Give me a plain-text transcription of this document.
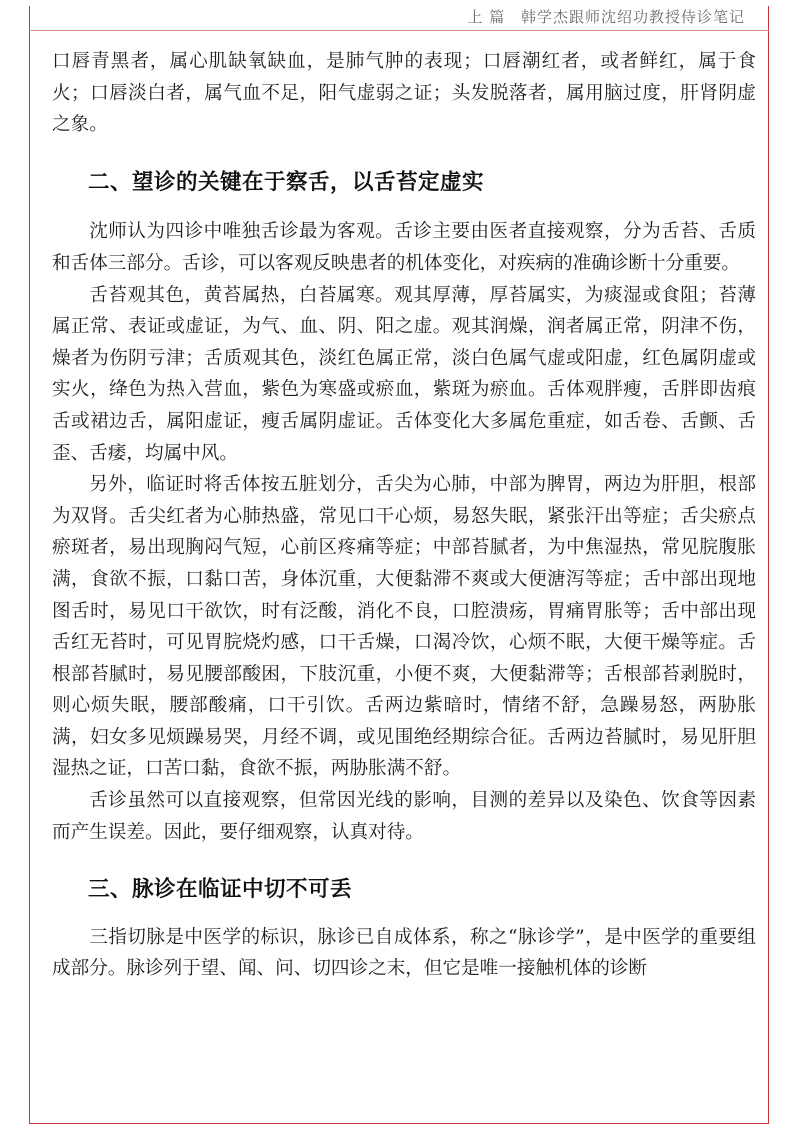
上 篇 韩学杰跟师沈绍功教授侍诊笔记

口唇青黑者，属心肌缺氧缺血，是肺气肿的表现；口唇潮红者，或者鲜红，属于食火；口唇淡白者，属气血不足，阳气虚弱之证；头发脱落者，属用脑过度，肝肾阴虚之象。

二、望诊的关键在于察舌，以舌苔定虚实

沈师认为四诊中唯独舌诊最为客观。舌诊主要由医者直接观察，分为舌苔、舌质和舌体三部分。舌诊，可以客观反映患者的机体变化，对疾病的准确诊断十分重要。

舌苔观其色，黄苔属热，白苔属寒。观其厚薄，厚苔属实，为痰湿或食阻；苔薄属正常、表证或虚证，为气、血、阴、阳之虚。观其润燥，润者属正常，阴津不伤，燥者为伤阴亏津；舌质观其色，淡红色属正常，淡白色属气虚或阳虚，红色属阴虚或实火，绛色为热入营血，紫色为寒盛或瘀血，紫斑为瘀血。舌体观胖瘦，舌胖即齿痕舌或裙边舌，属阳虚证，瘦舌属阴虚证。舌体变化大多属危重症，如舌卷、舌颤、舌歪、舌痿，均属中风。

另外，临证时将舌体按五脏划分，舌尖为心肺，中部为脾胃，两边为肝胆，根部为双肾。舌尖红者为心肺热盛，常见口干心烦，易怒失眠，紧张汗出等症；舌尖瘀点瘀斑者，易出现胸闷气短，心前区疼痛等症；中部苔腻者，为中焦湿热，常见脘腹胀满，食欲不振，口黏口苦，身体沉重，大便黏滞不爽或大便溏泻等症；舌中部出现地图舌时，易见口干欲饮，时有泛酸，消化不良，口腔溃疡，胃痛胃胀等；舌中部出现舌红无苔时，可见胃脘烧灼感，口干舌燥，口渴冷饮，心烦不眠，大便干燥等症。舌根部苔腻时，易见腰部酸困，下肢沉重，小便不爽，大便黏滞等；舌根部苔剥脱时，则心烦失眠，腰部酸痛，口干引饮。舌两边紫暗时，情绪不舒，急躁易怒，两胁胀满，妇女多见烦躁易哭，月经不调，或见围绝经期综合征。舌两边苔腻时，易见肝胆湿热之证，口苦口黏，食欲不振，两胁胀满不舒。

舌诊虽然可以直接观察，但常因光线的影响，目测的差异以及染色、饮食等因素而产生误差。因此，要仔细观察，认真对待。

三、脉诊在临证中切不可丢

三指切脉是中医学的标识，脉诊已自成体系，称之“脉诊学”，是中医学的重要组成部分。脉诊列于望、闻、问、切四诊之末，但它是唯一接触机体的诊断
